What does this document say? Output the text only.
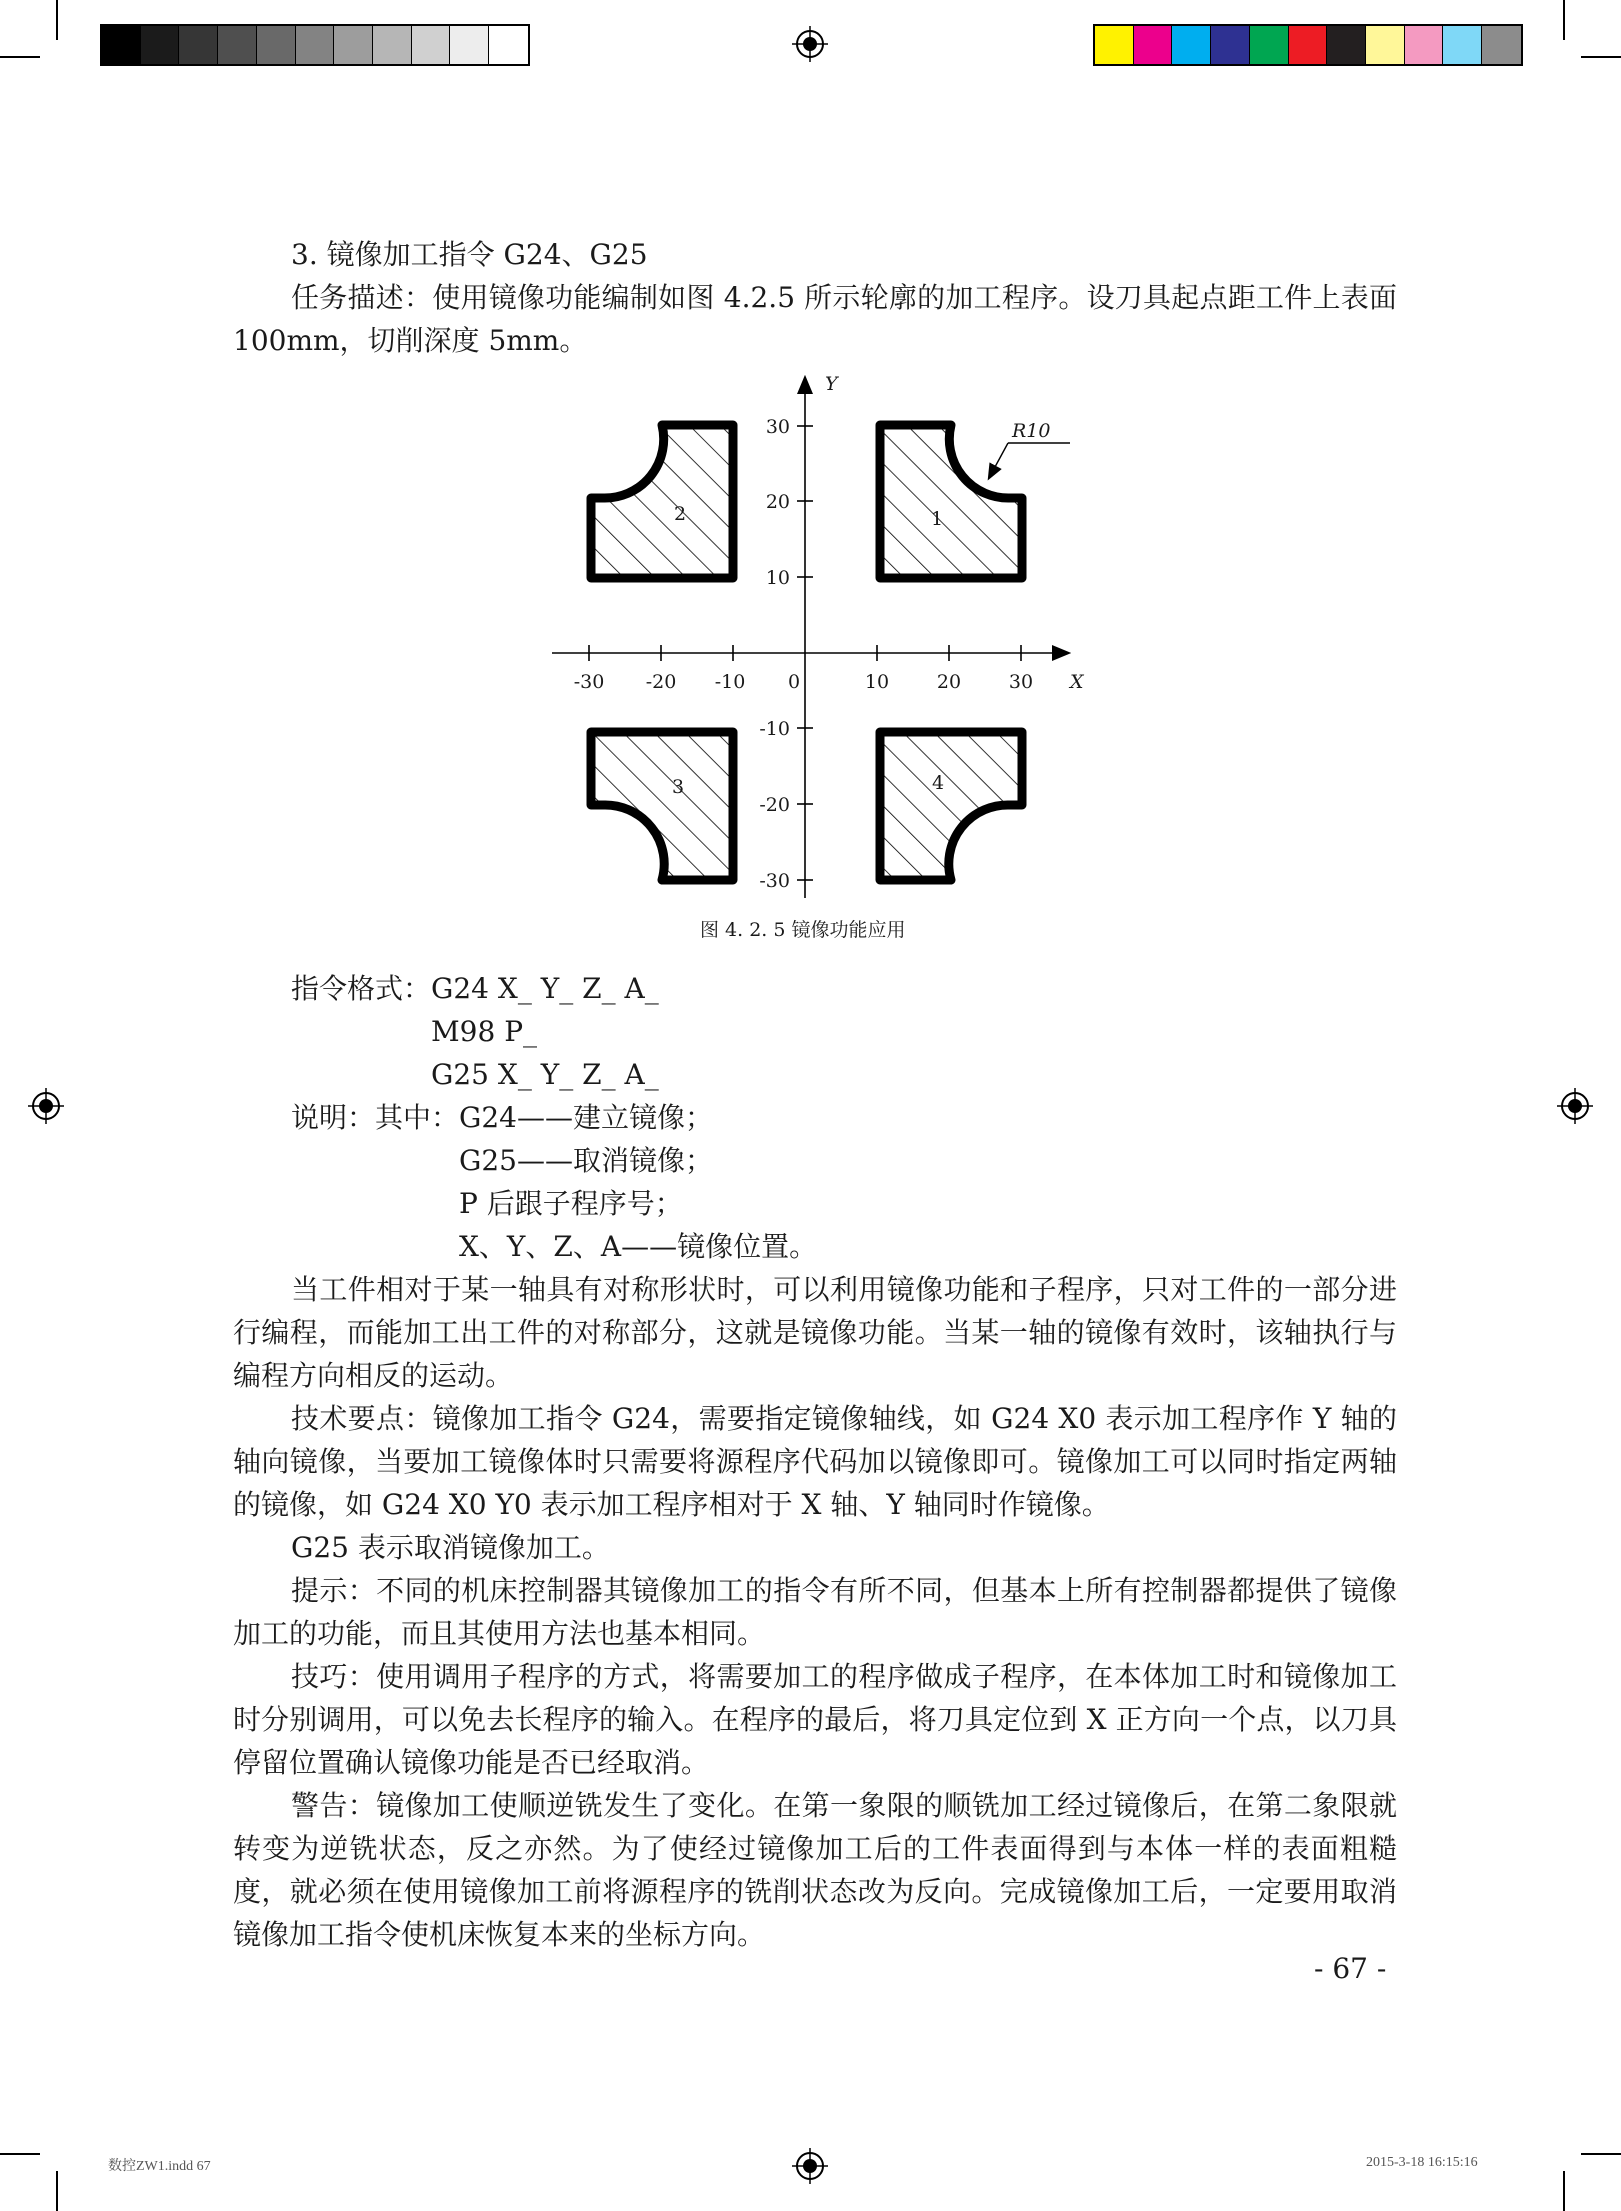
3. 镜像加工指令 G24、G25

任务描述：使用镜像功能编制如图 4.2.5 所示轮廓的加工程序。设刀具起点距工件上表面 100mm，切削深度 5mm。

-30 -20 -10 0	10	20	30
30
20
10
-10
-20
-30
X
Y
1
2
3	4
R10
图 4. 2. 5 镜像功能应用
指令格式： G24 X_ Y_ Z_ A_
M98 P_
G25 X_ Y_ Z_ A_
说明：其中： G24——建立镜像；
G25——取消镜像；
P 后跟子程序号；
X、Y、Z、A——镜像位置。

当工件相对于某一轴具有对称形状时，可以利用镜像功能和子程序，只对工件的一部分进行编程，而能加工出工件的对称部分，这就是镜像功能。当某一轴的镜像有效时，该轴执行与编程方向相反的运动。

技术要点：镜像加工指令 G24，需要指定镜像轴线，如 G24 X0 表示加工程序作 Y 轴的轴向镜像，当要加工镜像体时只需要将源程序代码加以镜像即可。镜像加工可以同时指定两轴的镜像，如 G24 X0 Y0 表示加工程序相对于 X 轴、Y 轴同时作镜像。

G25 表示取消镜像加工。

提示：不同的机床控制器其镜像加工的指令有所不同，但基本上所有控制器都提供了镜像加工的功能，而且其使用方法也基本相同。

技巧：使用调用子程序的方式，将需要加工的程序做成子程序，在本体加工时和镜像加工时分别调用，可以免去长程序的输入。在程序的最后，将刀具定位到 X 正方向一个点，以刀具停留位置确认镜像功能是否已经取消。

警告：镜像加工使顺逆铣发生了变化。在第一象限的顺铣加工经过镜像后，在第二象限就转变为逆铣状态，反之亦然。为了使经过镜像加工后的工件表面得到与本体一样的表面粗糙度，就必须在使用镜像加工前将源程序的铣削状态改为反向。完成镜像加工后，一定要用取消镜像加工指令使机床恢复本来的坐标方向。

- 67 -
数控ZW1.indd 67	2015-3-18 16:15:16
